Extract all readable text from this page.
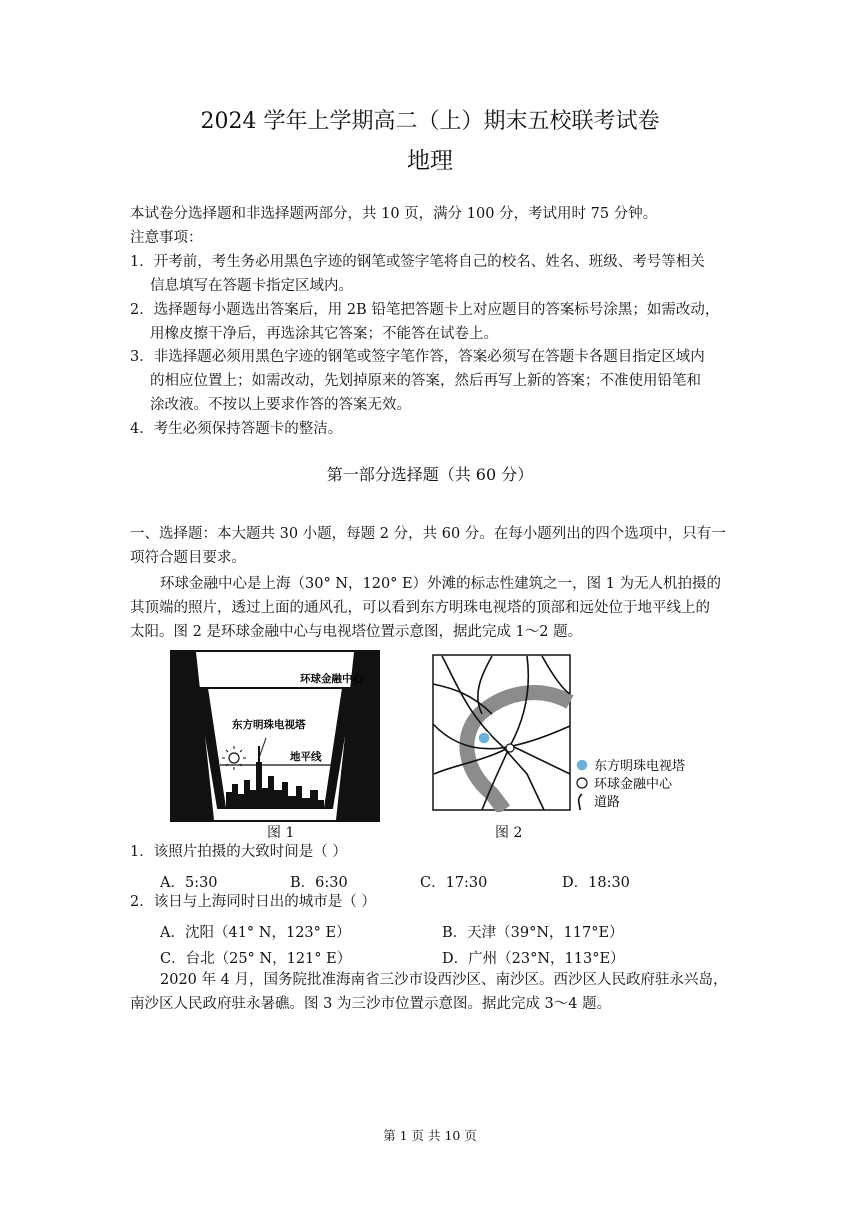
2024 学年上学期高二（上）期末五校联考试卷
地理
本试卷分选择题和非选择题两部分，共 10 页，满分 100 分，考试用时 75 分钟。
注意事项：
1．开考前，考生务必用黑色字迹的钢笔或签字笔将自己的校名、姓名、班级、考号等相关
信息填写在答题卡指定区域内。
2．选择题每小题选出答案后，用 2B 铅笔把答题卡上对应题目的答案标号涂黑；如需改动，
用橡皮擦干净后，再选涂其它答案；不能答在试卷上。
3．非选择题必须用黑色字迹的钢笔或签字笔作答，答案必须写在答题卡各题目指定区域内
的相应位置上；如需改动，先划掉原来的答案，然后再写上新的答案；不准使用铅笔和
涂改液。不按以上要求作答的答案无效。
4．考生必须保持答题卡的整洁。
第一部分选择题（共 60 分）
一、选择题：本大题共 30 小题，每题 2 分，共 60 分。在每小题列出的四个选项中，只有一
项符合题目要求。
环球金融中心是上海（30° N，120° E）外滩的标志性建筑之一，图 1 为无人机拍摄的
其顶端的照片，透过上面的通风孔，可以看到东方明珠电视塔的顶部和远处位于地平线上的
太阳。图 2 是环球金融中心与电视塔位置示意图，据此完成 1～2 题。
环球金融中心
东方明珠电视塔
地平线
图 1
东方明珠电视塔
环球金融中心
道路
图 2
1．该照片拍摄的大致时间是（ ）
A．5:30	B．6:30	C．17:30	D．18:30
2．该日与上海同时日出的城市是（ ）
A．沈阳（41° N，123° E）	B．天津（39°N，117°E）
C．台北（25° N，121° E）	D．广州（23°N，113°E）
2020 年 4 月，国务院批准海南省三沙市设西沙区、南沙区。西沙区人民政府驻永兴岛，
南沙区人民政府驻永暑礁。图 3 为三沙市位置示意图。据此完成 3～4 题。
第 1 页 共 10 页
